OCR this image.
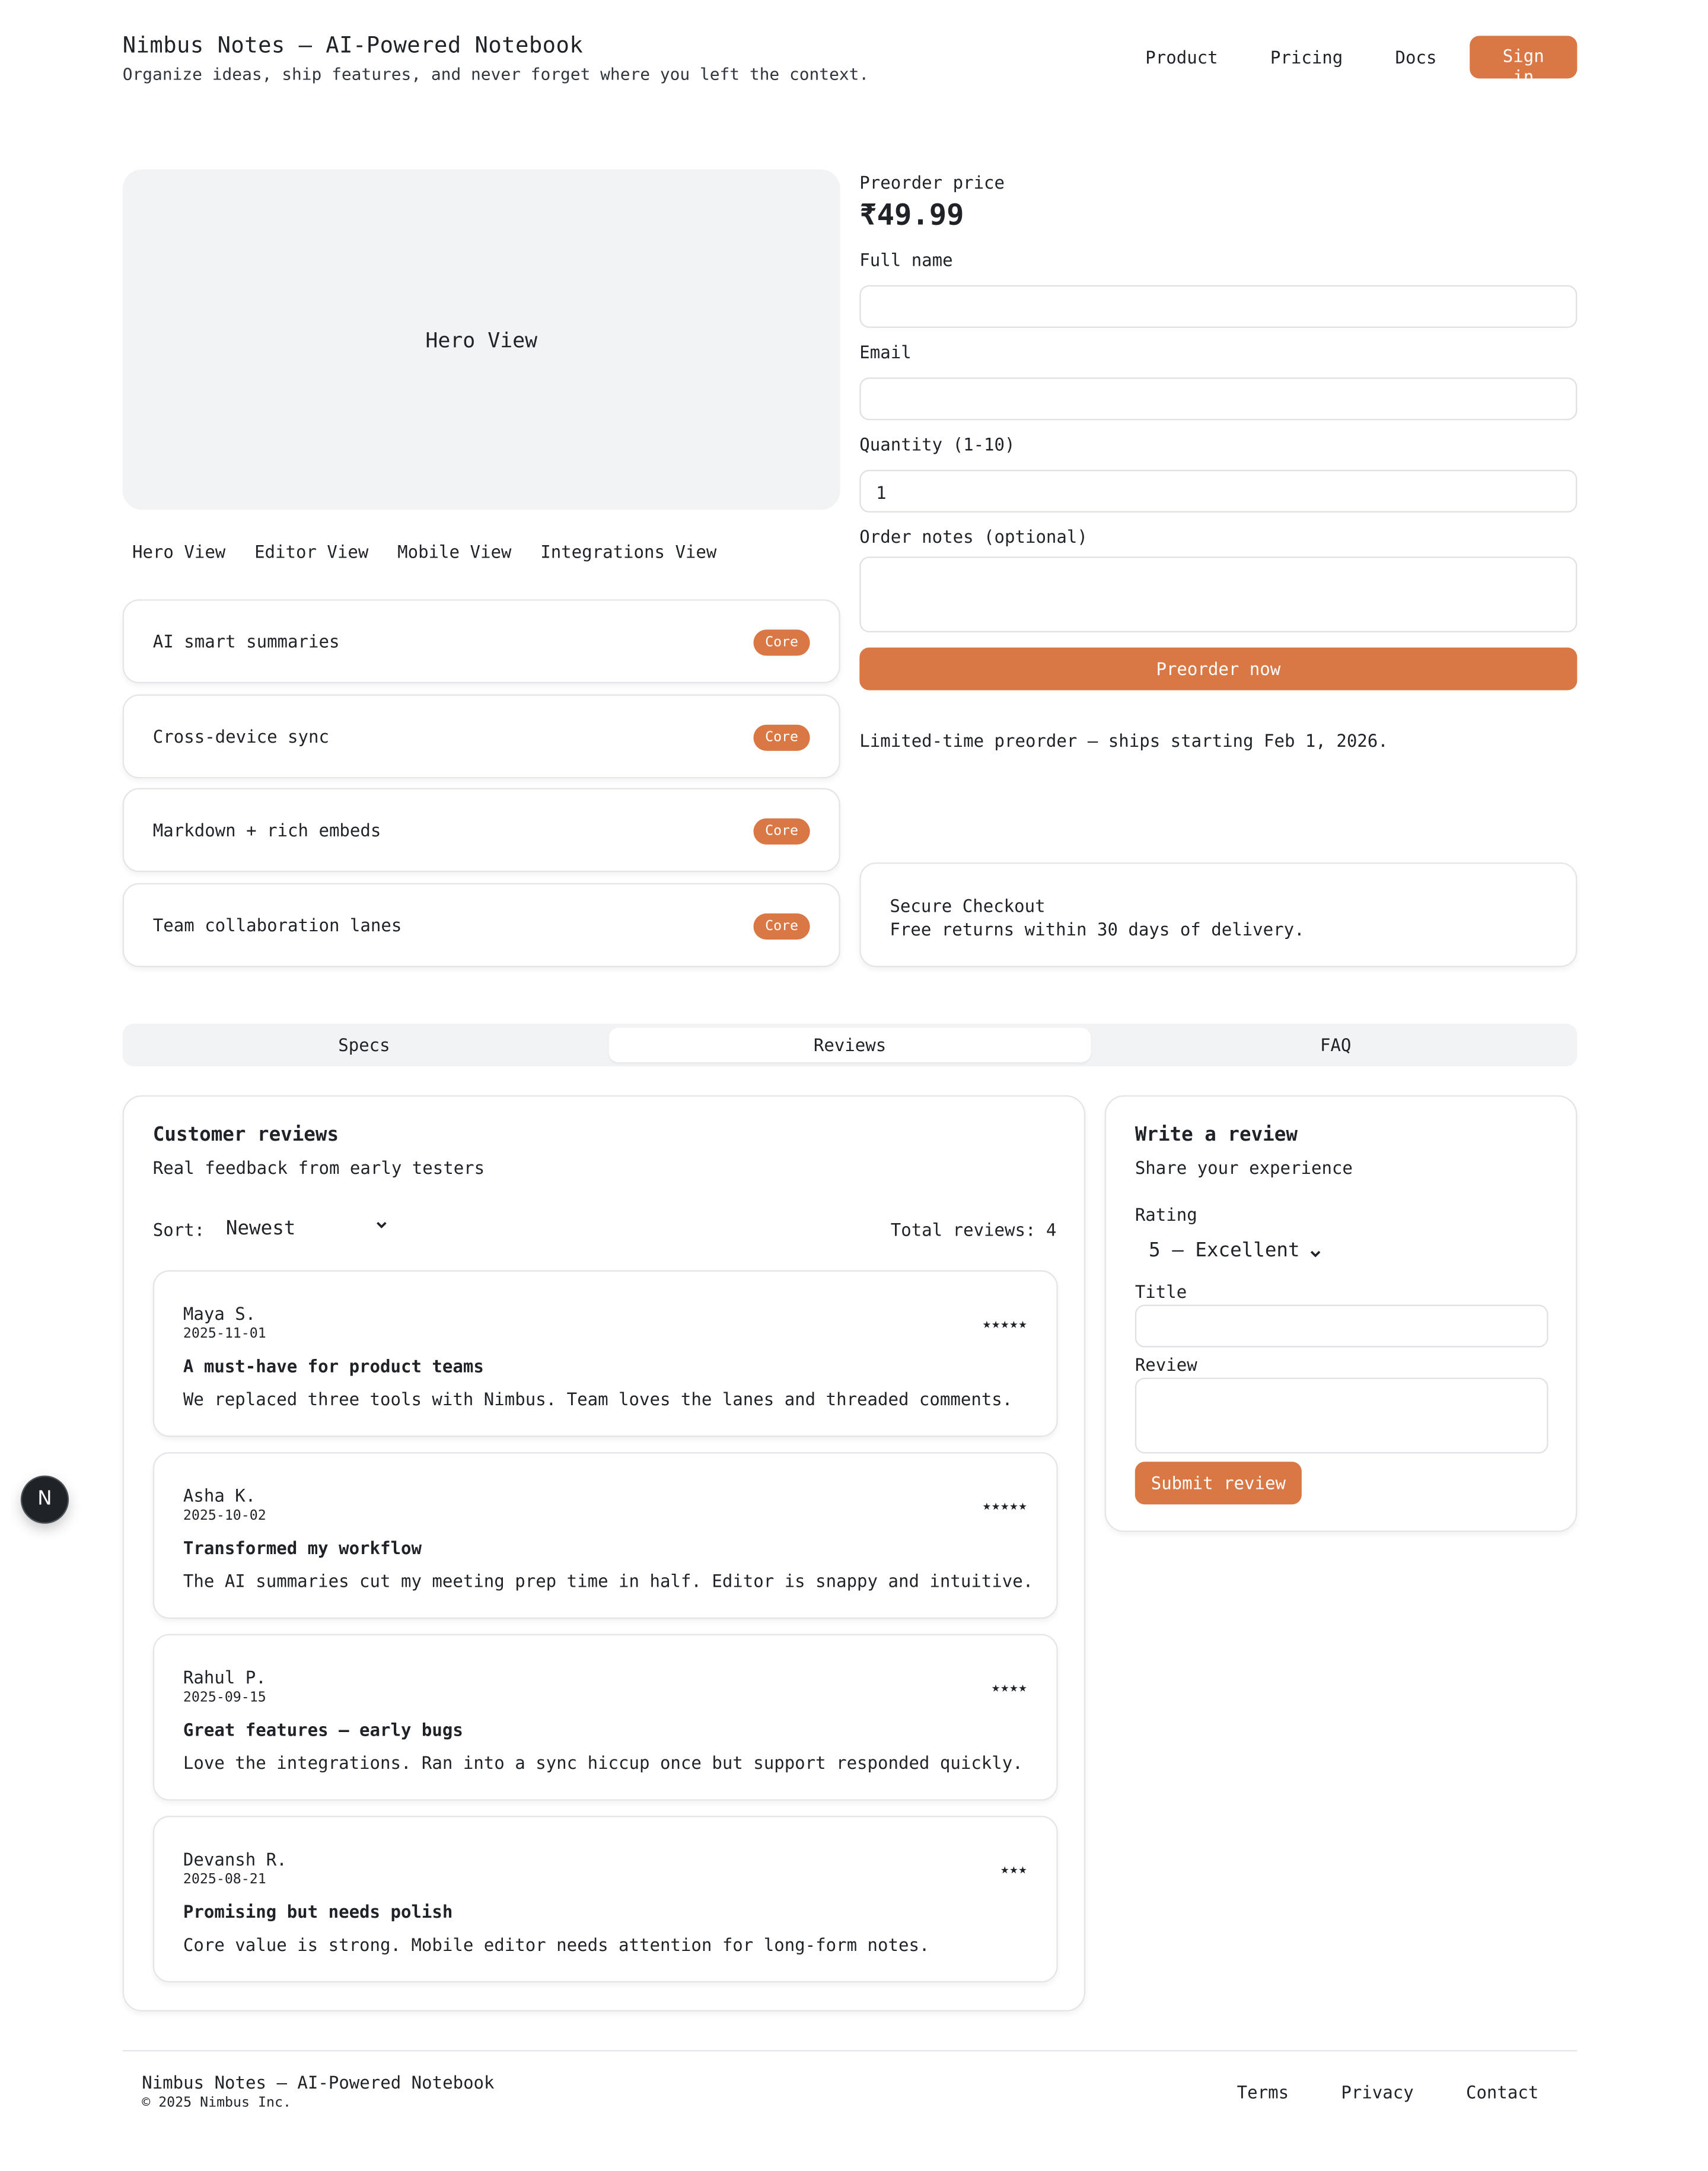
Nimbus Notes — AI-Powered Notebook
Organize ideas, ship features, and never forget where you left the context.
Product	Pricing	Docs	Sign in
Hero View
Hero View	Editor View	Mobile View	Integrations View
AI smart summaries	Core
Cross-device sync	Core
Markdown + rich embeds	Core
Team collaboration lanes	Core
Preorder price
₹49.99
Full name
Email
Quantity (1-10)
1
Order notes (optional)
Preorder now
Limited-time preorder — ships starting Feb 1, 2026.
Secure Checkout
Free returns within 30 days of delivery.
Specs	Reviews	FAQ
Customer reviews
Real feedback from early testers
Sort:	Newest	Total reviews: 4
Maya S.
2025-11-01
★★★★★
A must-have for product teams
We replaced three tools with Nimbus. Team loves the lanes and threaded comments.
Asha K.
2025-10-02
★★★★★
Transformed my workflow
The AI summaries cut my meeting prep time in half. Editor is snappy and intuitive.
Rahul P.
2025-09-15
★★★★
Great features — early bugs
Love the integrations. Ran into a sync hiccup once but support responded quickly.
Devansh R.
2025-08-21
★★★
Promising but needs polish
Core value is strong. Mobile editor needs attention for long-form notes.
Write a review
Share your experience
Rating
5 — Excellent
Title
Review
Submit review
N
Nimbus Notes — AI-Powered Notebook
© 2025 Nimbus Inc.
Terms	Privacy	Contact
